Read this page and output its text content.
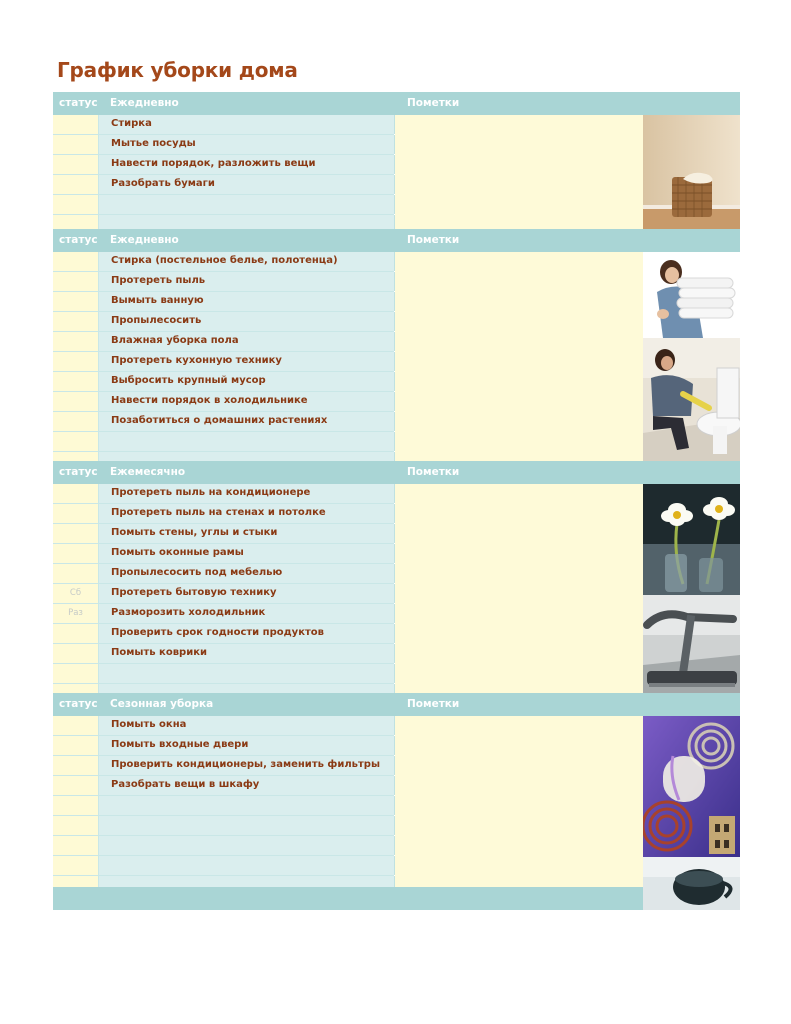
График уборки дома
статус Ежедневно	Пометки
Стирка
Мытье посуды
Навести порядок, разложить вещи
Разобрать бумаги
статус Ежедневно	Пометки
Стирка (постельное белье, полотенца)
Протереть пыль
Вымыть ванную
Пропылесосить
Влажная уборка пола
Протереть кухонную технику
Выбросить крупный мусор
Навести порядок в холодильнике
Позаботиться о домашних растениях
статус Ежемесячно	Пометки
Протереть пыль на кондиционере
Протереть пыль на стенах и потолке
Помыть стены, углы и стыки
Помыть оконные рамы
Пропылесосить под мебелью
Сб	Протереть бытовую технику
Раз	Разморозить холодильник
Проверить срок годности продуктов
Помыть коврики
статус Сезонная уборка	Пометки
Помыть окна
Помыть входные двери
Проверить кондиционеры, заменить фильтры
Разобрать вещи в шкафу
